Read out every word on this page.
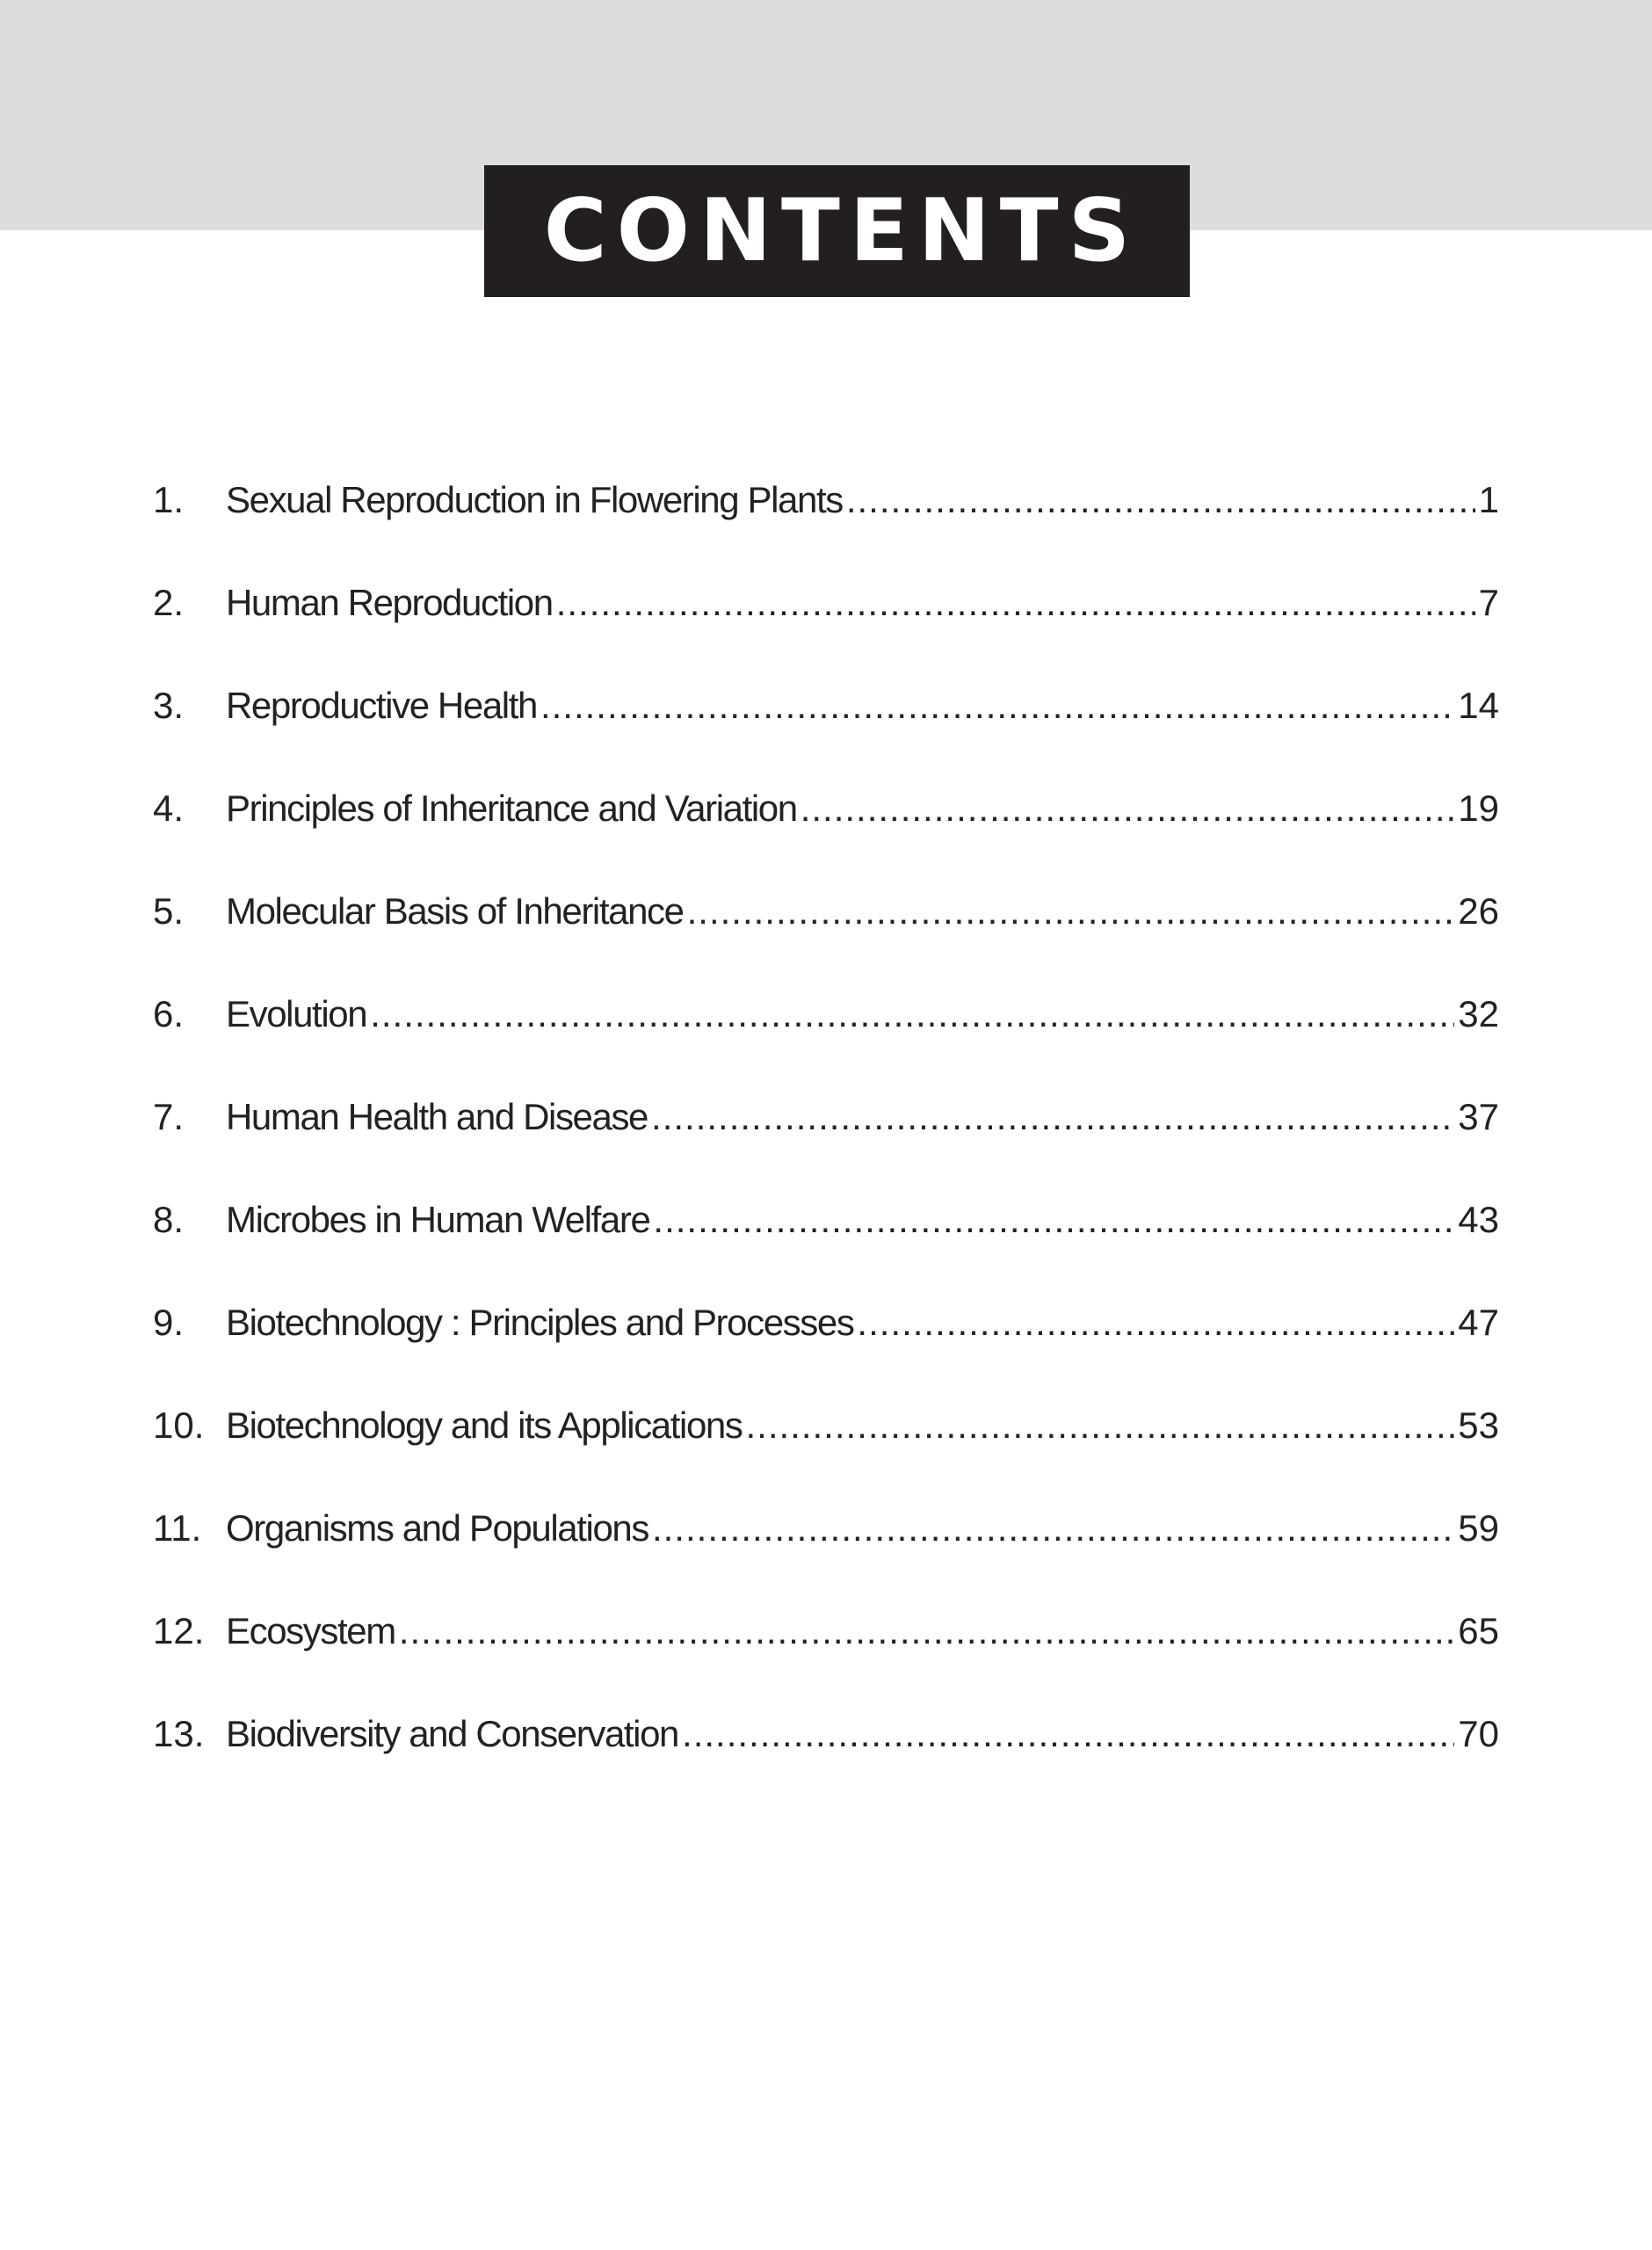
CONTENTS
1.	Sexual Reproduction in Flowering Plants .....	1
2.	Human Reproduction .....	7
3.	Reproductive Health .....	14
4.	Principles of Inheritance and Variation .....	19
5.	Molecular Basis of Inheritance .....	26
6.	Evolution .....	32
7.	Human Health and Disease .....	37
8.	Microbes in Human Welfare .....	43
9.	Biotechnology : Principles and Processes .....	47
10. Biotechnology and its Applications .....	53
11. Organisms and Populations .....	59
12. Ecosystem .....	65
13. Biodiversity and Conservation .....	70
